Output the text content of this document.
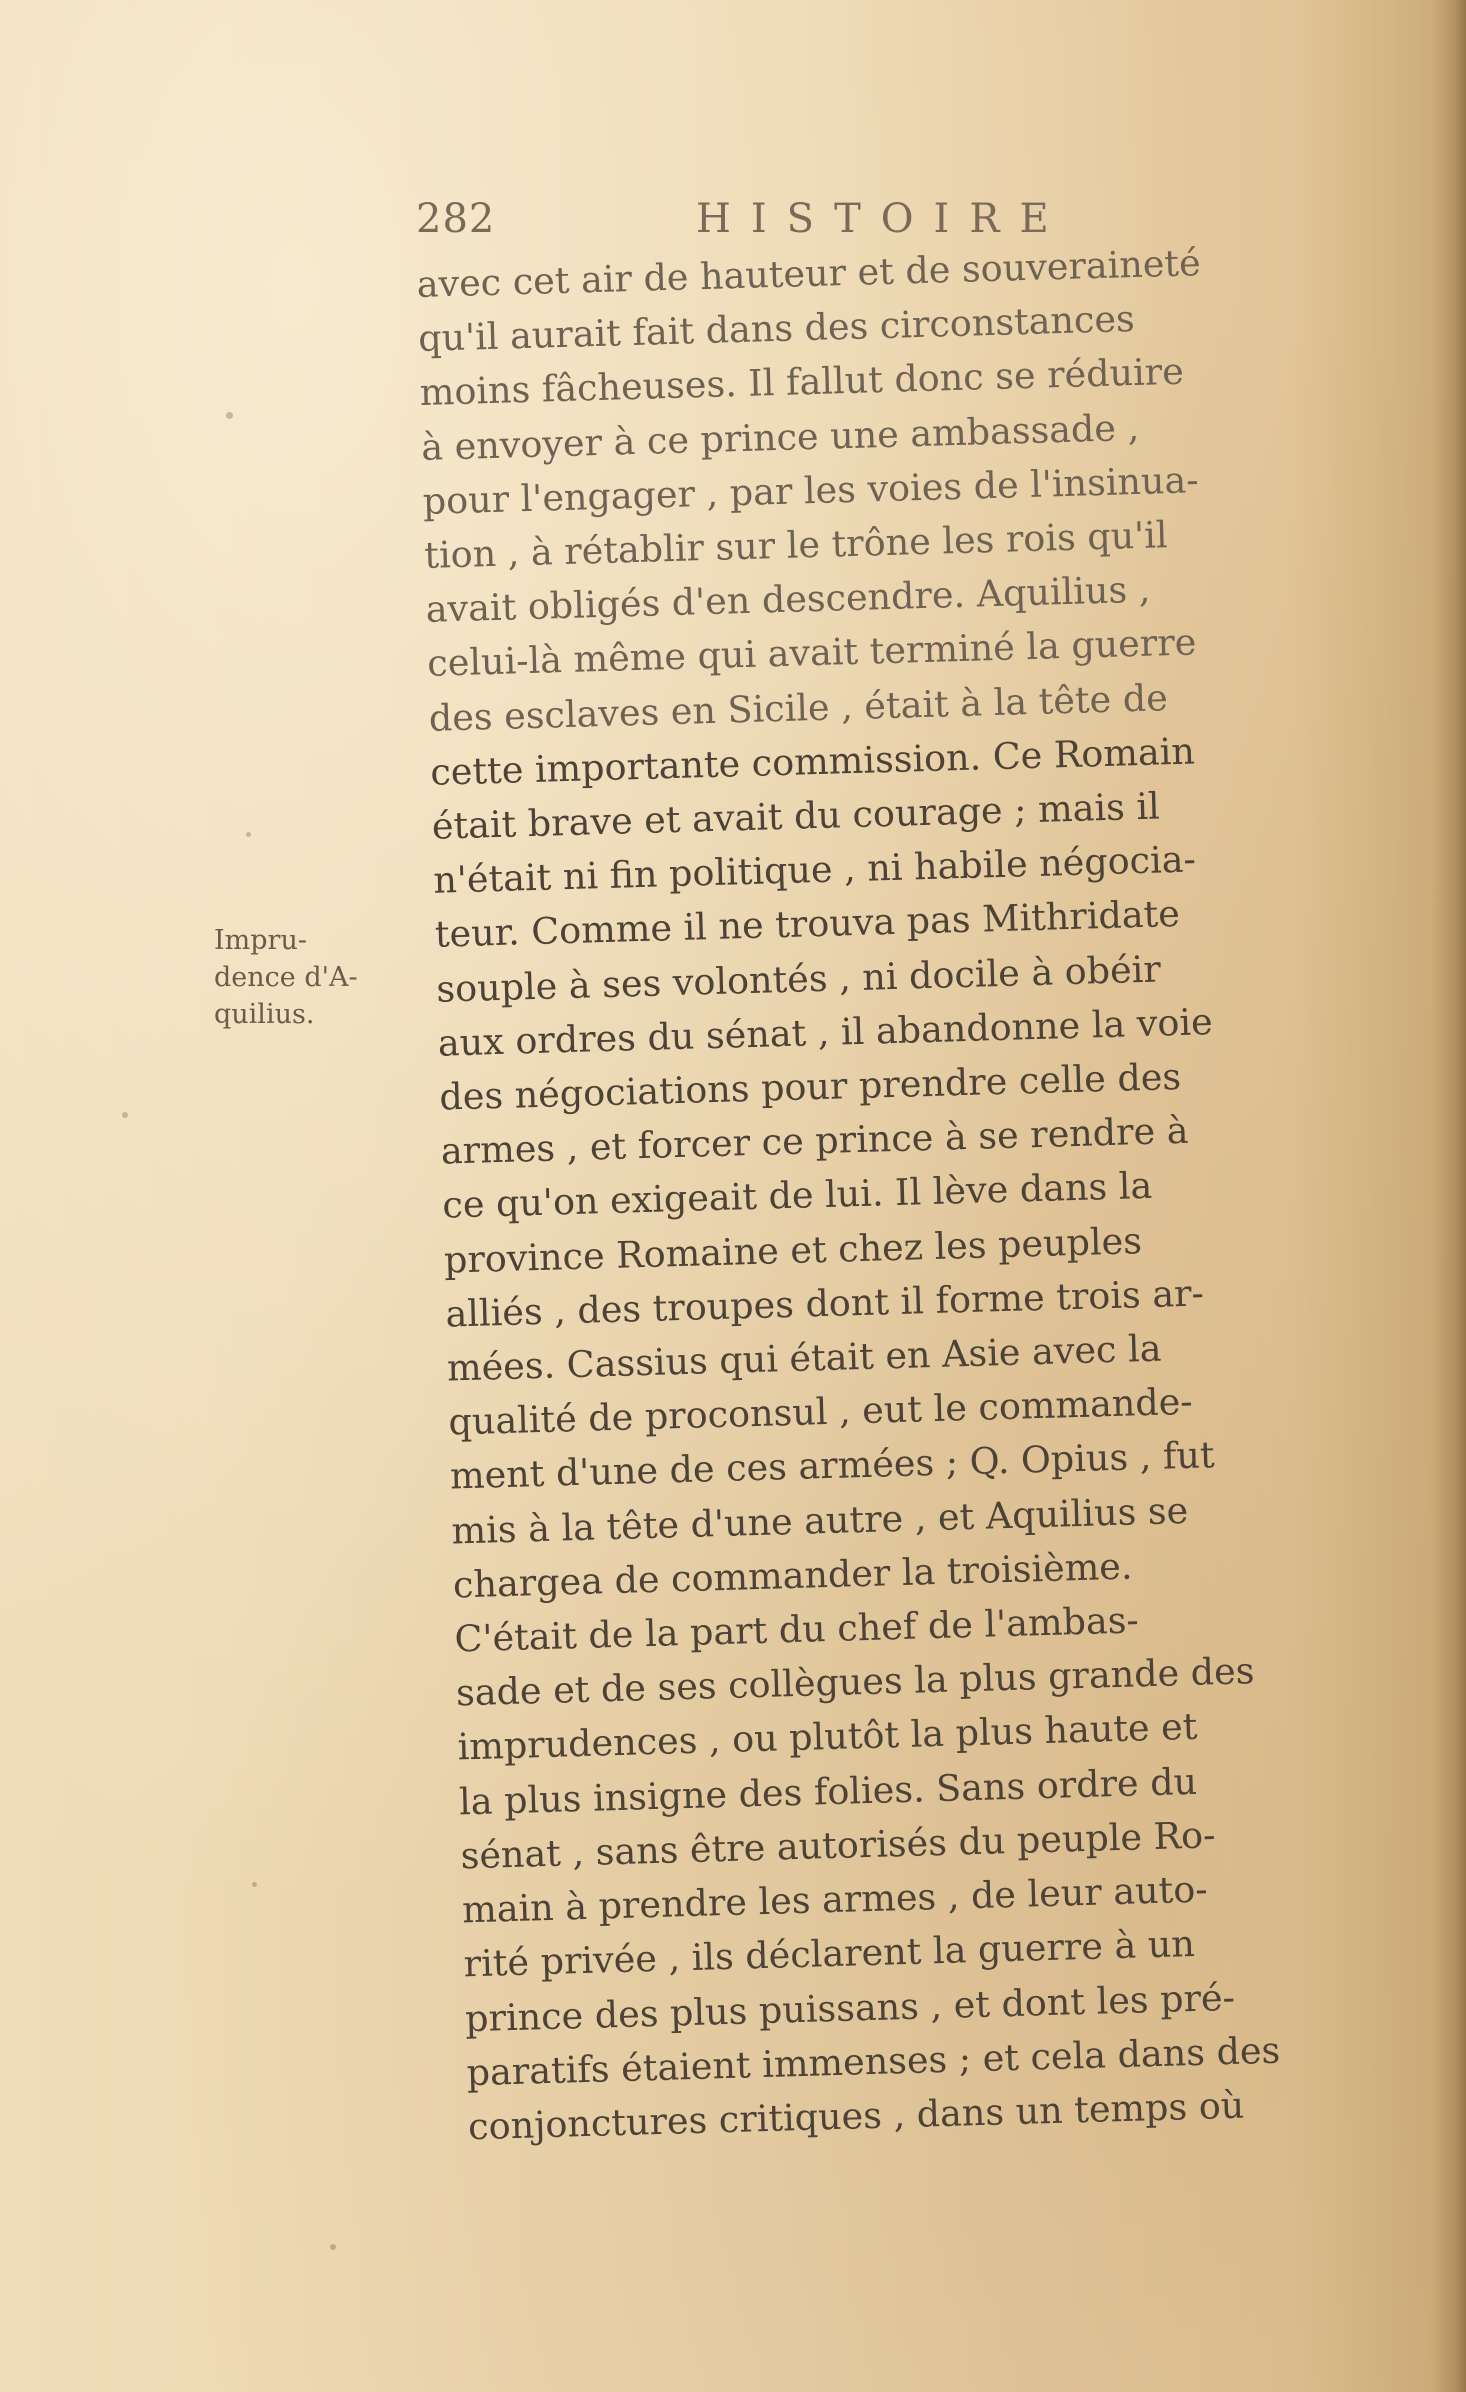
282	HISTOIRE
Impru-
dence d'A-
quilius.
avec cet air de hauteur et de souveraineté
qu'il aurait fait dans des circonstances
moins fâcheuses. Il fallut donc se réduire
à envoyer à ce prince une ambassade ,
pour l'engager , par les voies de l'insinua-
tion , à rétablir sur le trône les rois qu'il
avait obligés d'en descendre. Aquilius ,
celui-là même qui avait terminé la guerre
des esclaves en Sicile , était à la tête de
cette importante commission. Ce Romain
était brave et avait du courage ; mais il
n'était ni fin politique , ni habile négocia-
teur. Comme il ne trouva pas Mithridate
souple à ses volontés , ni docile à obéir
aux ordres du sénat , il abandonne la voie
des négociations pour prendre celle des
armes , et forcer ce prince à se rendre à
ce qu'on exigeait de lui. Il lève dans la
province Romaine et chez les peuples
alliés , des troupes dont il forme trois ar-
mées. Cassius qui était en Asie avec la
qualité de proconsul , eut le commande-
ment d'une de ces armées ; Q. Opius , fut
mis à la tête d'une autre , et Aquilius se
chargea de commander la troisième.
C'était de la part du chef de l'ambas-
sade et de ses collègues la plus grande des
imprudences , ou plutôt la plus haute et
la plus insigne des folies. Sans ordre du
sénat , sans être autorisés du peuple Ro-
main à prendre les armes , de leur auto-
rité privée , ils déclarent la guerre à un
prince des plus puissans , et dont les pré-
paratifs étaient immenses ; et cela dans des
conjonctures critiques , dans un temps où
